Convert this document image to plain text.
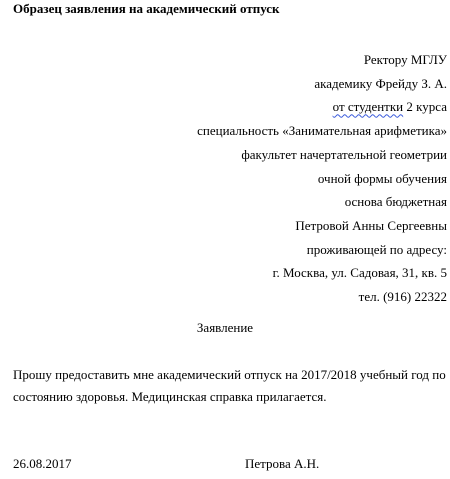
Образец заявления на академический отпуск
Ректору МГЛУ
академику Фрейду З. А.
от студентки 2 курса
специальность «Занимательная арифметика»
факультет начертательной геометрии
очной формы обучения
основа бюджетная
Петровой Анны Сергеевны
проживающей по адресу:
г. Москва, ул. Садовая, 31, кв. 5
тел. (916) 22322
Заявление
Прошу предоставить мне академический отпуск на 2017/2018 учебный год по
состоянию здоровья. Медицинская справка прилагается.
26.08.2017	Петрова А.Н.
